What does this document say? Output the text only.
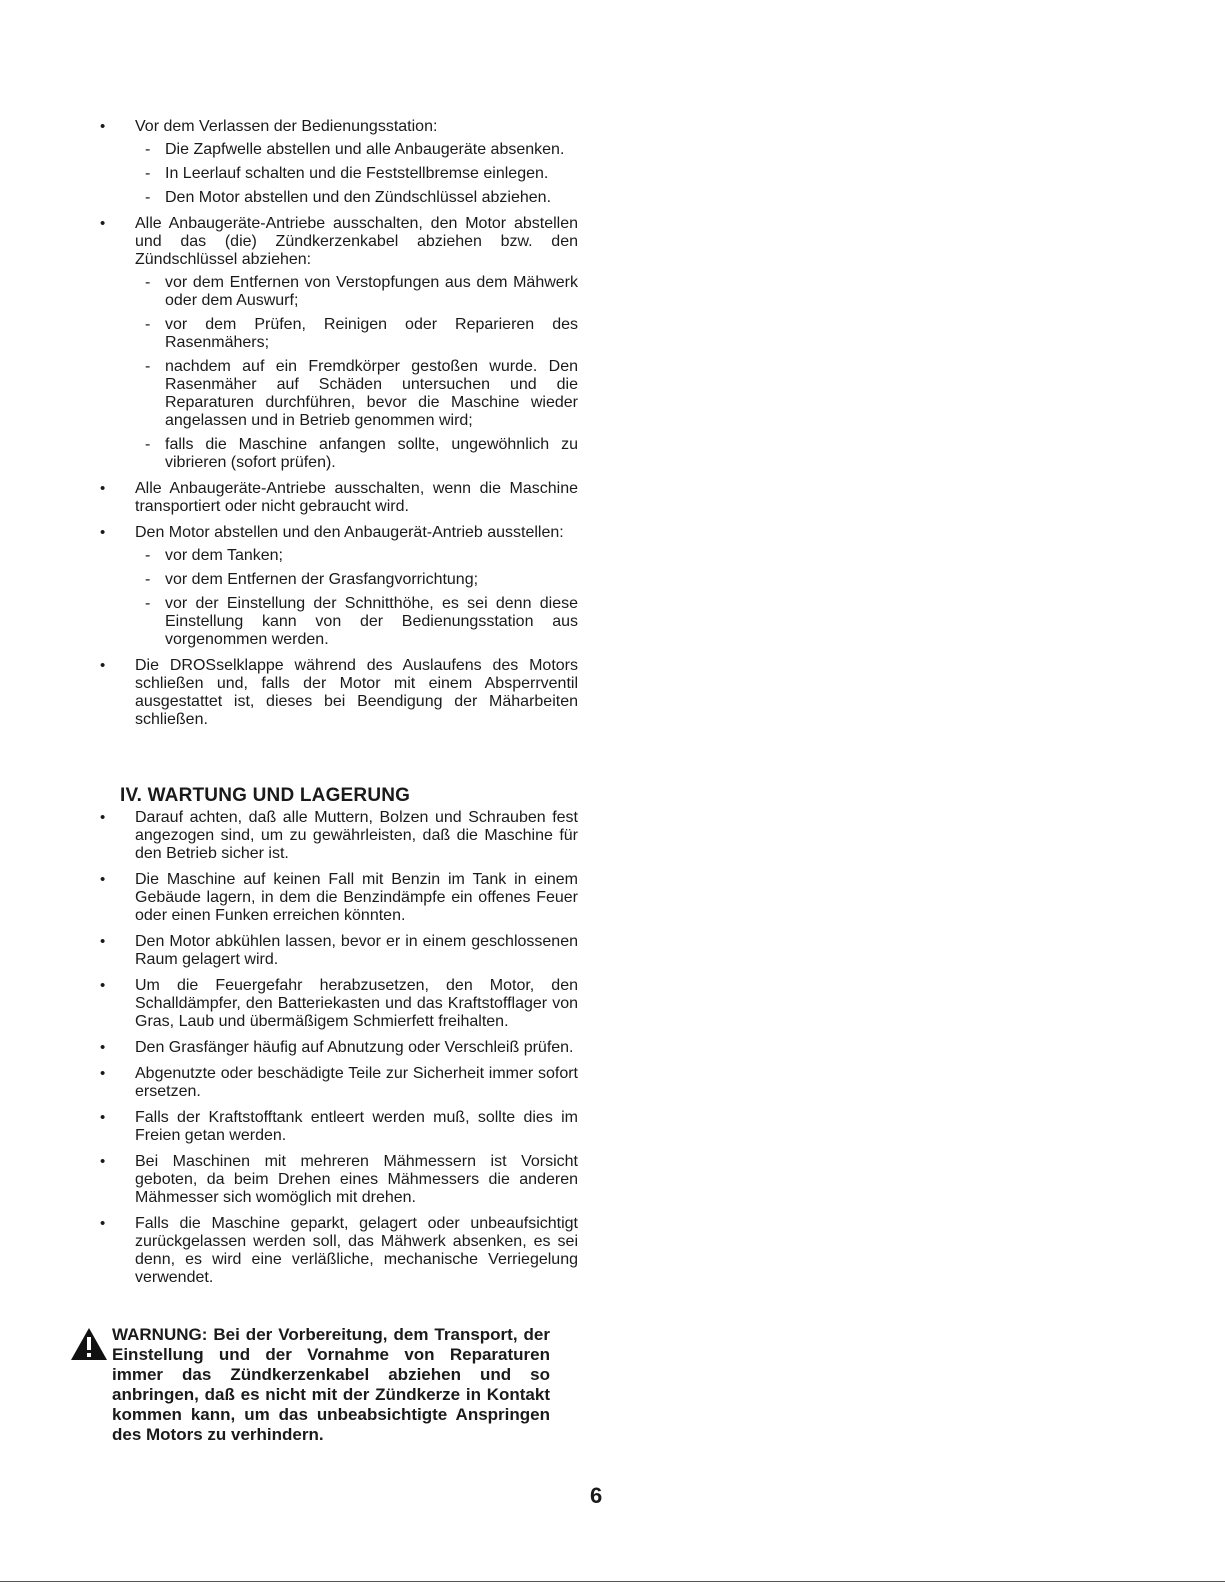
• Vor dem Verlassen der Bedienungsstation:
- Die Zapfwelle abstellen und alle Anbaugeräte absenken.
- In Leerlauf schalten und die Feststellbremse einlegen.
- Den Motor abstellen und den Zündschlüssel abziehen.
• Alle Anbaugeräte-Antriebe ausschalten, den Motor abstellen und das (die) Zündkerzenkabel abziehen bzw. den Zündschlüssel abziehen:
- vor dem Entfernen von Verstopfungen aus dem Mähwerk oder dem Auswurf;
- vor dem Prüfen, Reinigen oder Reparieren des Rasenmähers;
- nachdem auf ein Fremdkörper gestoßen wurde. Den Rasenmäher auf Schäden untersuchen und die Reparaturen durchführen, bevor die Maschine wieder angelassen und in Betrieb genommen wird;
- falls die Maschine anfangen sollte, ungewöhnlich zu vibrieren (sofort prüfen).
• Alle Anbaugeräte-Antriebe ausschalten, wenn die Maschine transportiert oder nicht gebraucht wird.
• Den Motor abstellen und den Anbaugerät-Antrieb ausstellen:
- vor dem Tanken;
- vor dem Entfernen der Grasfangvorrichtung;
- vor der Einstellung der Schnitthöhe, es sei denn diese Einstellung kann von der Bedienungsstation aus vorgenommen werden.
• Die DROSselklappe während des Auslaufens des Motors schließen und, falls der Motor mit einem Absperrventil ausgestattet ist, dieses bei Beendigung der Mäharbeiten schließen.
IV. WARTUNG UND LAGERUNG
• Darauf achten, daß alle Muttern, Bolzen und Schrauben fest angezogen sind, um zu gewährleisten, daß die Maschine für den Betrieb sicher ist.
• Die Maschine auf keinen Fall mit Benzin im Tank in einem Gebäude lagern, in dem die Benzindämpfe ein offenes Feuer oder einen Funken erreichen könnten.
• Den Motor abkühlen lassen, bevor er in einem geschlossenen Raum gelagert wird.
• Um die Feuergefahr herabzusetzen, den Motor, den Schalldämpfer, den Batteriekasten und das Kraftstofflager von Gras, Laub und übermäßigem Schmierfett freihalten.
• Den Grasfänger häufig auf Abnutzung oder Verschleiß prüfen.
• Abgenutzte oder beschädigte Teile zur Sicherheit immer sofort ersetzen.
• Falls der Kraftstofftank entleert werden muß, sollte dies im Freien getan werden.
• Bei Maschinen mit mehreren Mähmessern ist Vorsicht geboten, da beim Drehen eines Mähmessers die anderen Mähmesser sich womöglich mit drehen.
• Falls die Maschine geparkt, gelagert oder unbeaufsichtigt zurückgelassen werden soll, das Mähwerk absenken, es sei denn, es wird eine verläßliche, mechanische Verriegelung verwendet.
WARNUNG: Bei der Vorbereitung, dem Transport, der Einstellung und der Vornahme von Reparaturen immer das Zündkerzenkabel abziehen und so anbringen, daß es nicht mit der Zündkerze in Kontakt kommen kann, um das unbeabsichtigte Anspringen des Motors zu verhindern.
6
